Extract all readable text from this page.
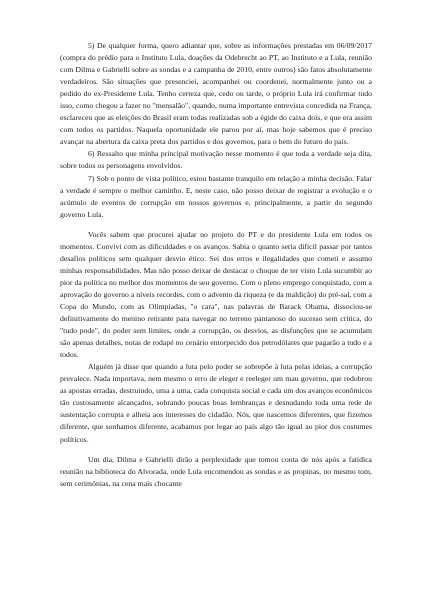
5) De qualquer forma, quero adiantar que, sobre as informações prestadas em 06/09/2017 (compra do prédio para o Instituto Lula, doações da Odebrecht ao PT, ao Instituto e a Lula, reunião com Dilma e Gabrielli sobre as sondas e a campanha de 2010, entre outros) são fatos absolutamente verdadeiros. São situações que presenciei, acompanhei ou coordenei, normalmente junto ou a pedido do ex-Presidente Lula. Tenho certeza que, cedo ou tarde, o próprio Lula irá confirmar tudo isso, como chegou a fazer no "mensalão", quando, numa importante entrevista concedida na França, esclareceu que as eleições do Brasil eram todas realizadas sob a égide do caixa dois, e que era assim com todos os partidos. Naquela oportunidade ele parou por aí, mas hoje sabemos que é preciso avançar na abertura da caixa preta dos partidos e dos governos, para o bem do futuro do país.

6) Ressalto que minha principal motivação nesse momento é que toda a verdade seja dita, sobre todos os personagens envolvidos.

7) Sob o ponto de vista político, estou bastante tranquilo em relação a minha decisão. Falar a verdade é sempre o melhor caminho. E, neste caso, não posso deixar de registrar a evolução e o acúmulo de eventos de corrupção em nossos governos e, principalmente, a partir do segundo governo Lula.

Vocês sabem que procurei ajudar no projeto do PT e do presidente Lula em todos os momentos. Convivi com as dificuldades e os avanços. Sabia o quanto seria difícil passar por tantos desafios políticos sem qualquer desvio ético. Sei dos erros e ilegalidades que cometi e assumo minhas responsabilidades. Mas não posso deixar de destacar o choque de ter visto Lula sucumbir ao pior da política no melhor dos momentos de seu governo. Com o pleno emprego conquistado, com a aprovação do governo a níveis recordes, com o advento da riqueza (e da maldição) do pré-sal, com a Copa do Mundo, com as Olimpíadas, "o cara", nas palavras de Barack Obama, dissociou-se definitivamente do menino retirante para navegar no terreno pantanoso do sucesso sem crítica, do "tudo pode", do poder sem limites, onde a corrupção, os desvios, as disfunções que se acumulam são apenas detalhes, notas de rodapé no cenário entorpecido dos petrodólares que pagarão a tudo e a todos.

Alguém já disse que quando a luta pelo poder se sobrepõe à luta pelas ideias, a corrupção prevalece. Nada importava, nem mesmo o erro de eleger e reeleger um mau governo, que redobrou as apostas erradas, destruindo, uma a uma, cada conquista social e cada um dos avanços econômicos tão custosamente alcançados, sobrando poucas boas lembranças e desnudando toda uma rede de sustentação corrupta e alheia aos interesses do cidadão. Nós, que nascemos diferentes, que fizemos diferente, que sonhamos diferente, acabamos por legar ao país algo tão igual ao pior dos costumes políticos.

Um dia, Dilma e Gabrielli dirão a perplexidade que tomou conta de nós após a fatídica reunião na biblioteca do Alvorada, onde Lula encomendou as sondas e as propinas, no mesmo tom, sem cerimônias, na cena mais chocante
